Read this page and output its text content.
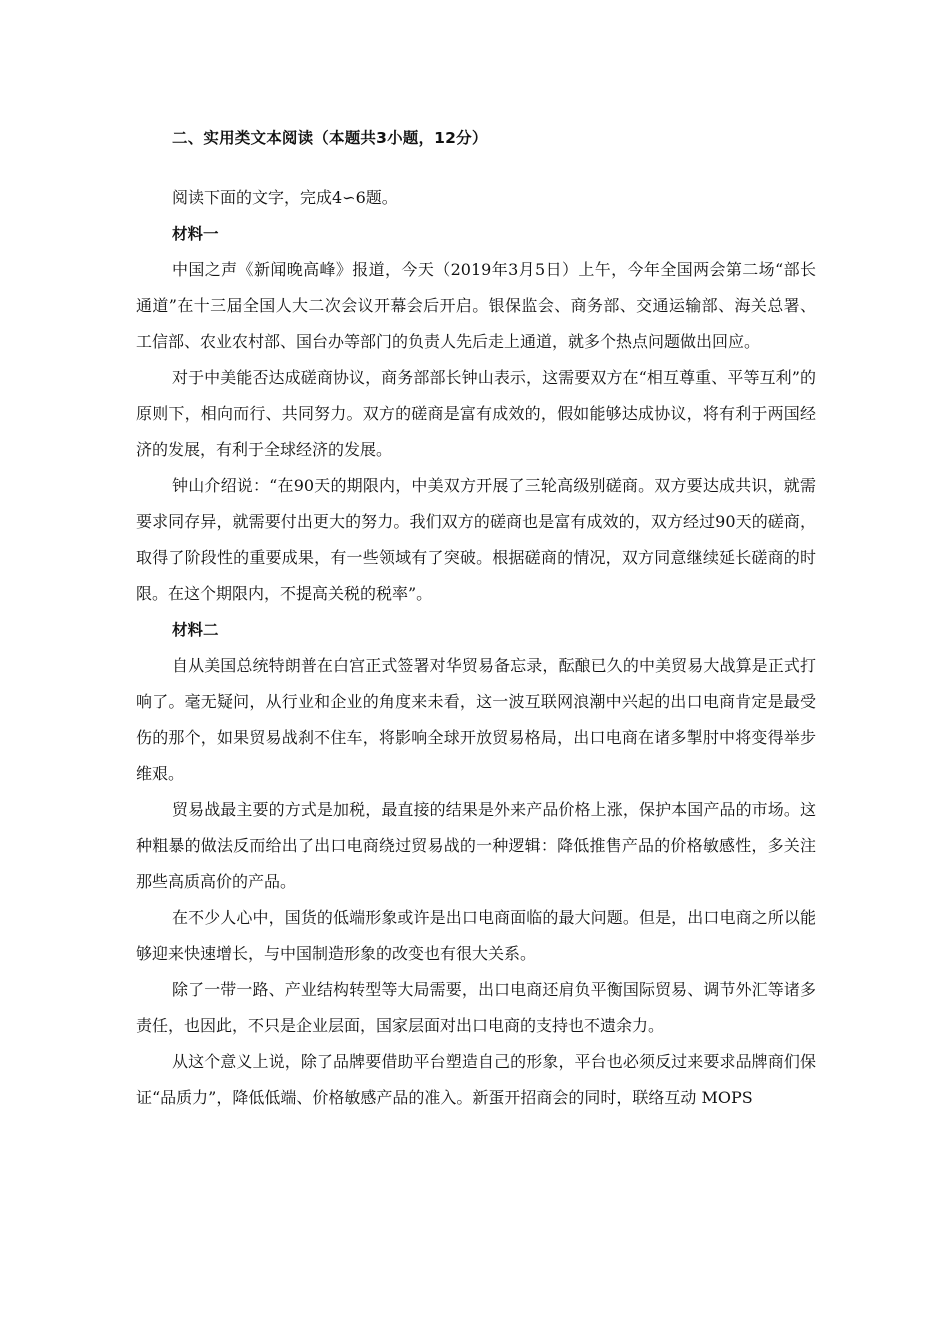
二、实用类文本阅读（本题共3小题，12分）

阅读下面的文字，完成4∽6题。

材料一

中国之声《新闻晚高峰》报道，今天（2019年3月5日）上午，今年全国两会第二场“部长通道”在十三届全国人大二次会议开幕会后开启。银保监会、商务部、交通运输部、海关总署、工信部、农业农村部、国台办等部门的负责人先后走上通道，就多个热点问题做出回应。

对于中美能否达成磋商协议，商务部部长钟山表示，这需要双方在“相互尊重、平等互利”的原则下，相向而行、共同努力。双方的磋商是富有成效的，假如能够达成协议，将有利于两国经济的发展，有利于全球经济的发展。

钟山介绍说：“在90天的期限内，中美双方开展了三轮高级别磋商。双方要达成共识，就需要求同存异，就需要付出更大的努力。我们双方的磋商也是富有成效的，双方经过90天的磋商，取得了阶段性的重要成果，有一些领域有了突破。根据磋商的情况，双方同意继续延长磋商的时限。在这个期限内，不提高关税的税率”。

材料二

自从美国总统特朗普在白宫正式签署对华贸易备忘录，酝酿已久的中美贸易大战算是正式打响了。毫无疑问，从行业和企业的角度来未看，这一波互联网浪潮中兴起的出口电商肯定是最受伤的那个，如果贸易战刹不住车，将影响全球开放贸易格局，出口电商在诸多掣肘中将变得举步维艰。

贸易战最主要的方式是加税，最直接的结果是外来产品价格上涨，保护本国产品的市场。这种粗暴的做法反而给出了出口电商绕过贸易战的一种逻辑：降低推售产品的价格敏感性，多关注那些高质高价的产品。

在不少人心中，国货的低端形象或许是出口电商面临的最大问题。但是，出口电商之所以能够迎来快速增长，与中国制造形象的改变也有很大关系。

除了一带一路、产业结构转型等大局需要，出口电商还肩负平衡国际贸易、调节外汇等诸多责任，也因此，不只是企业层面，国家层面对出口电商的支持也不遗余力。

从这个意义上说，除了品牌要借助平台塑造自己的形象，平台也必须反过来要求品牌商们保证“品质力”，降低低端、价格敏感产品的准入。新蛋开招商会的同时，联络互动 MOPS
